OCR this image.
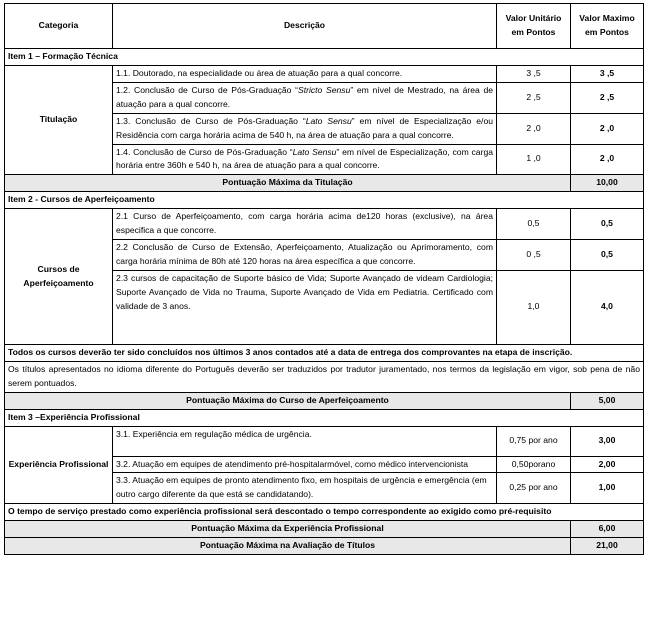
Categoria	Descrição	Valor Unitário em Pontos	Valor Maximo em Pontos
Item 1 – Formação Técnica			
Titulação	1.1. Doutorado, na especialidade ou área de atuação para a qual concorre.	3 ,5	3 ,5
	1.2. Conclusão de Curso de Pós-Graduação “Stricto Sensu” em nível de Mestrado, na área de atuação para a qual concorre.	2 ,5	2 ,5
	1.3. Conclusão de Curso de Pós-Graduação “Lato Sensu” em nível de Especialização e/ou Residência com carga horária acima de 540 h, na área de atuação para a qual concorre.	2 ,0	2 ,0
	1.4. Conclusão de Curso de Pós-Graduação “Lato Sensu” em nível de Especialização, com carga horária entre 360h e 540 h, na área de atuação para a qual concorre.	1 ,0	2 ,0
Pontuação Máxima da Titulação			10,00
Item 2 - Cursos de Aperfeiçoamento			
Cursos de Aperfeiçoamento	2.1 Curso de Aperfeiçoamento, com carga horária acima de120 horas (exclusive), na área especifica a que concorre.	0,5	0,5
	2.2 Conclusão de Curso de Extensão, Aperfeiçoamento, Atualização ou Aprimoramento, com carga horária mínima de 80h até 120 horas na área específica a que concorre.	0 ,5	0,5
	2.3 cursos de capacitação de Suporte básico de Vida; Suporte Avançado de videam Cardiologia; Suporte Avançado de Vida no Trauma, Suporte Avançado de Vida em Pediatria. Certificado com validade de 3 anos.	1,0	4,0
Todos os cursos deverão ter sido concluídos nos últimos 3 anos contados até a data de entrega dos comprovantes na etapa de inscrição.			
Os títulos apresentados no idioma diferente do Português deverão ser traduzidos por tradutor juramentado, nos termos da legislação em vigor, sob pena de não serem pontuados.			
Pontuação Máxima do Curso de Aperfeiçoamento			5,00
Item 3 –Experiência Profissional			
Experiência Profissional	3.1. Experiência em regulação médica de urgência.	0,75 por ano	3,00
	3.2. Atuação em equipes de atendimento pré-hospitalarmóvel, como médico intervencionista	0,50porano	2,00
	3.3. Atuação em equipes de pronto atendimento fixo, em hospitais de urgência e emergência (em outro cargo diferente da que está se candidatando).	0,25 por ano	1,00
O tempo de serviço prestado como experiência profissional será descontado o tempo correspondente ao exigido como pré-requisito			
Pontuação Máxima da Experiência Profissional			6,00
Pontuação Máxima na Avaliação de Títulos			21,00
